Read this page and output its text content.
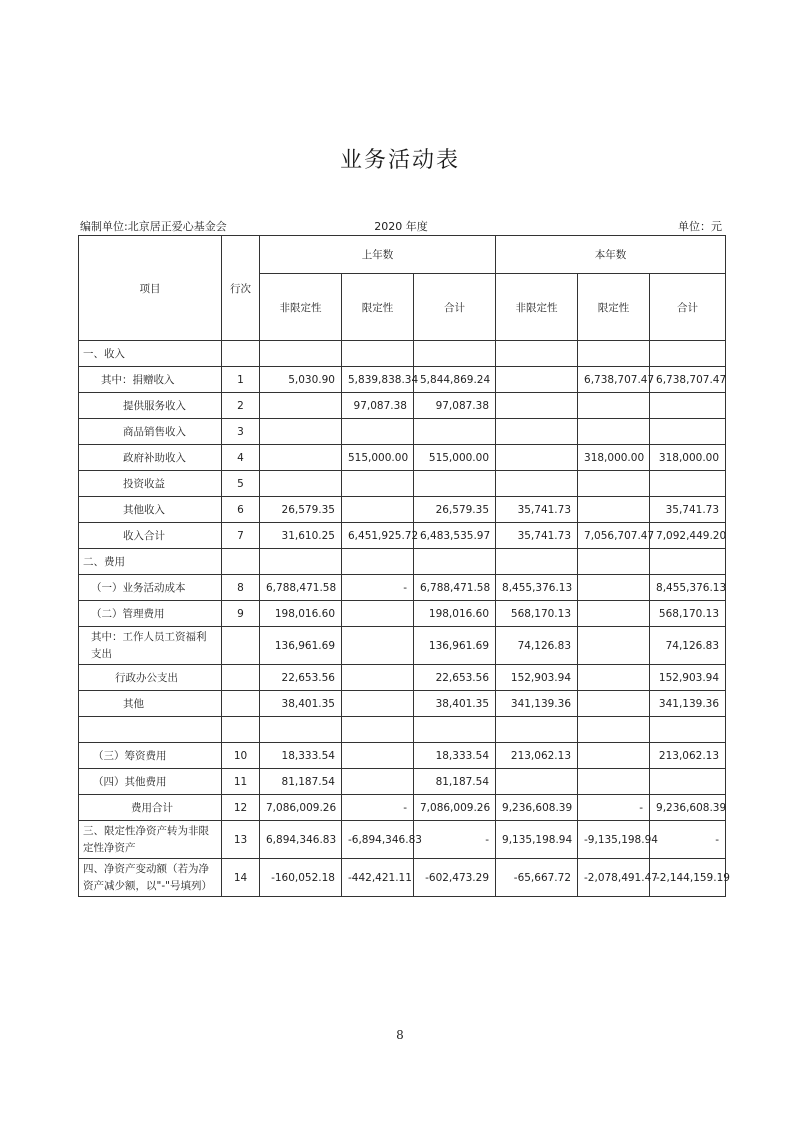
业务活动表
编制单位:北京居正爱心基金会	2020 年度	单位：元
项目	行次	上年数			本年数		
		非限定性	限定性	合计	非限定性	限定性	合计
一、收入							
其中：捐赠收入	1	5,030.90	5,839,838.34	5,844,869.24		6,738,707.47	6,738,707.47
提供服务收入	2		97,087.38	97,087.38			
商品销售收入	3						
政府补助收入	4		515,000.00	515,000.00		318,000.00	318,000.00
投资收益	5						
其他收入	6	26,579.35		26,579.35	35,741.73		35,741.73
收入合计	7	31,610.25	6,451,925.72	6,483,535.97	35,741.73	7,056,707.47	7,092,449.20
二、费用							
（一）业务活动成本	8	6,788,471.58	-	6,788,471.58	8,455,376.13		8,455,376.13
（二）管理费用	9	198,016.60		198,016.60	568,170.13		568,170.13
其中：工作人员工资福利支出		136,961.69		136,961.69	74,126.83		74,126.83
行政办公支出		22,653.56		22,653.56	152,903.94		152,903.94
其他		38,401.35		38,401.35	341,139.36		341,139.36

（三）筹资费用	10	18,333.54		18,333.54	213,062.13		213,062.13
（四）其他费用	11	81,187.54		81,187.54			
费用合计	12	7,086,009.26	-	7,086,009.26	9,236,608.39	-	9,236,608.39
三、限定性净资产转为非限定性净资产	13	6,894,346.83	-6,894,346.83	-	9,135,198.94	-9,135,198.94	-
四、净资产变动额（若为净资产减少额，以"-"号填列）	14	-160,052.18	-442,421.11	-602,473.29	-65,667.72	-2,078,491.47	-2,144,159.19
8
